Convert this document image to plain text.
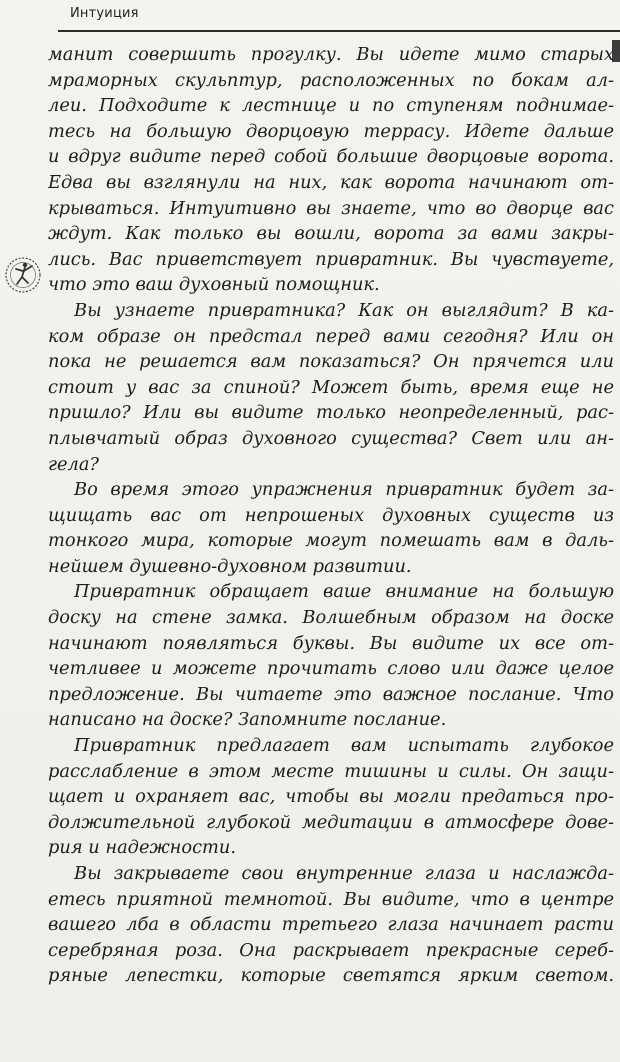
Интуиция
манит совершить прогулку. Вы идете мимо старых
мраморных скульптур, расположенных по бокам ал-
леи. Подходите к лестнице и по ступеням поднимае-
тесь на большую дворцовую террасу. Идете дальше
и вдруг видите перед собой большие дворцовые ворота.
Едва вы взглянули на них, как ворота начинают от-
крываться. Интуитивно вы знаете, что во дворце вас
ждут. Как только вы вошли, ворота за вами закры-
лись. Вас приветствует привратник. Вы чувствуете,
что это ваш духовный помощник.
Вы узнаете привратника? Как он выглядит? В ка-
ком образе он предстал перед вами сегодня? Или он
пока не решается вам показаться? Он прячется или
стоит у вас за спиной? Может быть, время еще не
пришло? Или вы видите только неопределенный, рас-
плывчатый образ духовного существа? Свет или ан-
гела?
Во время этого упражнения привратник будет за-
щищать вас от непрошеных духовных существ из
тонкого мира, которые могут помешать вам в даль-
нейшем душевно-духовном развитии.
Привратник обращает ваше внимание на большую
доску на стене замка. Волшебным образом на доске
начинают появляться буквы. Вы видите их все от-
четливее и можете прочитать слово или даже целое
предложение. Вы читаете это важное послание. Что
написано на доске? Запомните послание.
Привратник предлагает вам испытать глубокое
расслабление в этом месте тишины и силы. Он защи-
щает и охраняет вас, чтобы вы могли предаться про-
должительной глубокой медитации в атмосфере дове-
рия и надежности.
Вы закрываете свои внутренние глаза и наслажда-
етесь приятной темнотой. Вы видите, что в центре
вашего лба в области третьего глаза начинает расти
серебряная роза. Она раскрывает прекрасные сереб-
ряные лепестки, которые светятся ярким светом.
